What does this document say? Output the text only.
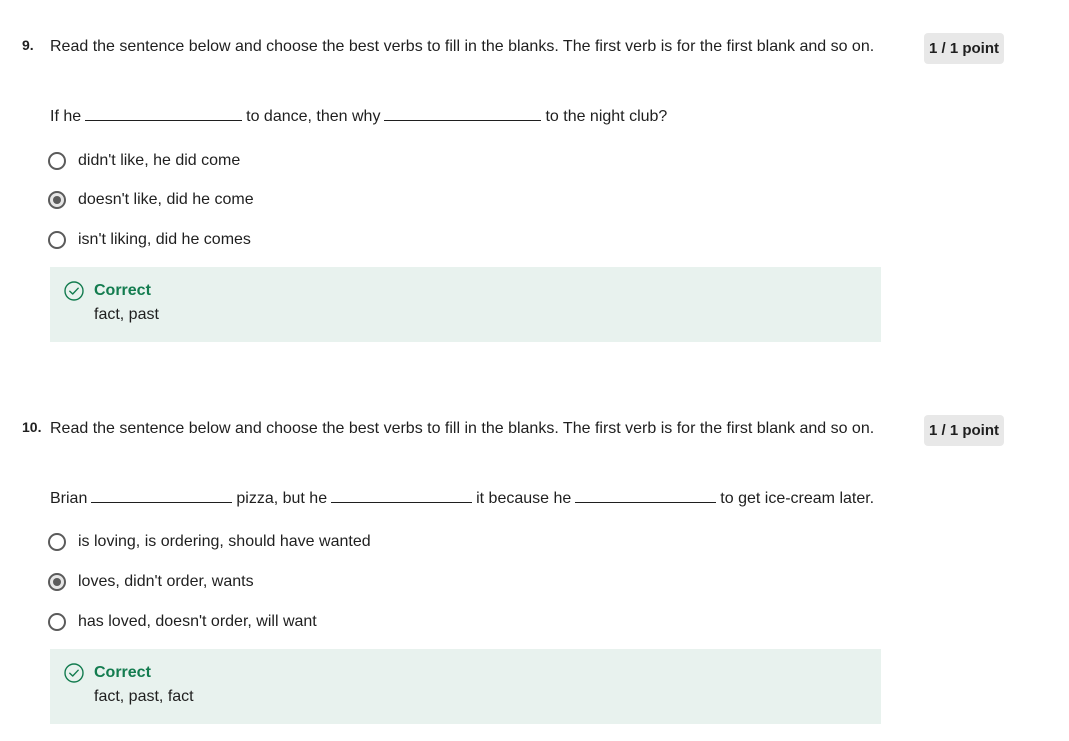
9. Read the sentence below and choose the best verbs to fill in the blanks. The first verb is for the first blank and so on.	1 / 1 point
If he	to dance, then why	to the night club?
didn't like, he did come
doesn't like, did he come
isn't liking, did he comes
Correct
fact, past
10. Read the sentence below and choose the best verbs to fill in the blanks. The first verb is for the first blank and so on.	1 / 1 point
Brian	pizza, but he	it because he	to get ice-cream later.
is loving, is ordering, should have wanted
loves, didn't order, wants
has loved, doesn't order, will want
Correct
fact, past, fact
